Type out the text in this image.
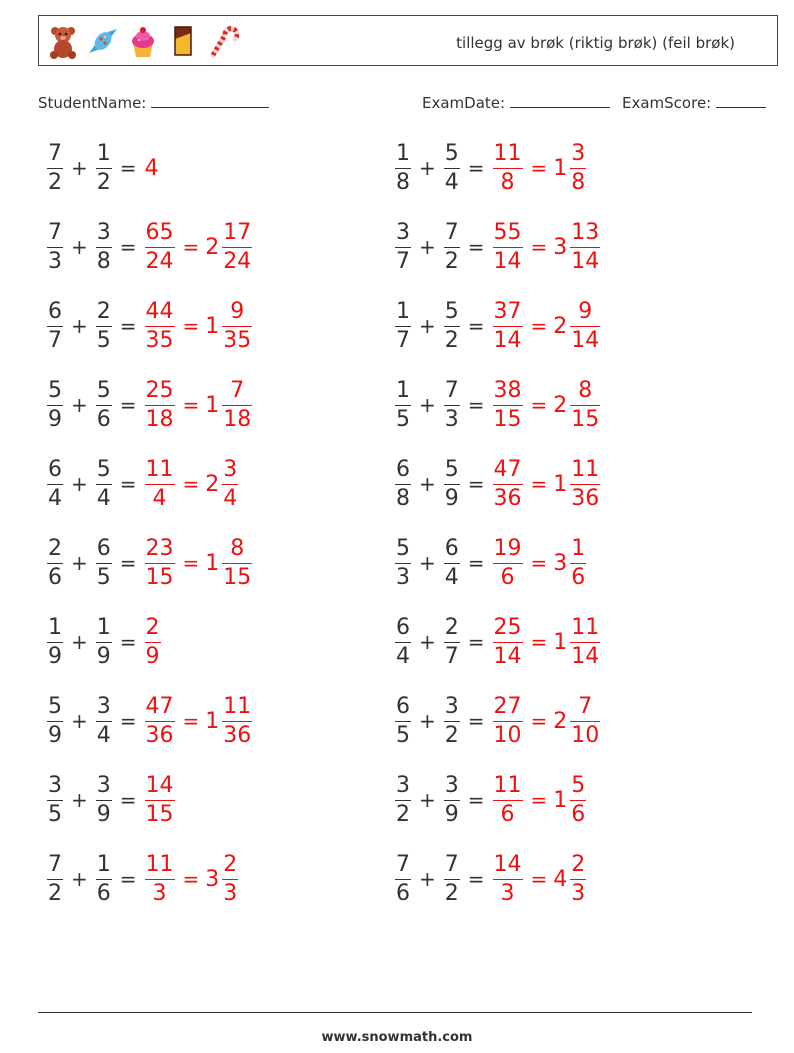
tillegg av brøk (riktig brøk) (feil brøk)
StudentName:	ExamDate:	ExamScore:
www.snowmath.com
$\frac{7}{2} + \frac{1}{2} = 4$
$\frac{7}{3} + \frac{3}{8} = \frac{65}{24} = 2 \frac{17}{24}$
$\frac{6}{7} + \frac{2}{5} = \frac{44}{35} = 1 \frac{9}{35}$
$\frac{5}{9} + \frac{5}{6} = \frac{25}{18} = 1 \frac{7}{18}$
$\frac{6}{4} + \frac{5}{4} = \frac{11}{4} = 2 \frac{3}{4}$
$\frac{2}{6} + \frac{6}{5} = \frac{23}{15} = 1 \frac{8}{15}$
$\frac{1}{9} + \frac{1}{9} = \frac{2}{9}$
$\frac{5}{9} + \frac{3}{4} = \frac{47}{36} = 1 \frac{11}{36}$
$\frac{3}{5} + \frac{3}{9} = \frac{14}{15}$
$\frac{7}{2} + \frac{1}{6} = \frac{11}{3} = 3 \frac{2}{3}$
$\frac{1}{8} + \frac{5}{4} = \frac{11}{8} = 1 \frac{3}{8}$
$\frac{3}{7} + \frac{7}{2} = \frac{55}{14} = 3 \frac{13}{14}$
$\frac{1}{7} + \frac{5}{2} = \frac{37}{14} = 2 \frac{9}{14}$
$\frac{1}{5} + \frac{7}{3} = \frac{38}{15} = 2 \frac{8}{15}$
$\frac{6}{8} + \frac{5}{9} = \frac{47}{36} = 1 \frac{11}{36}$
$\frac{5}{3} + \frac{6}{4} = \frac{19}{6} = 3 \frac{1}{6}$
$\frac{6}{4} + \frac{2}{7} = \frac{25}{14} = 1 \frac{11}{14}$
$\frac{6}{5} + \frac{3}{2} = \frac{27}{10} = 2 \frac{7}{10}$
$\frac{3}{2} + \frac{3}{9} = \frac{11}{6} = 1 \frac{5}{6}$
$\frac{7}{6} + \frac{7}{2} = \frac{14}{3} = 4 \frac{2}{3}$
